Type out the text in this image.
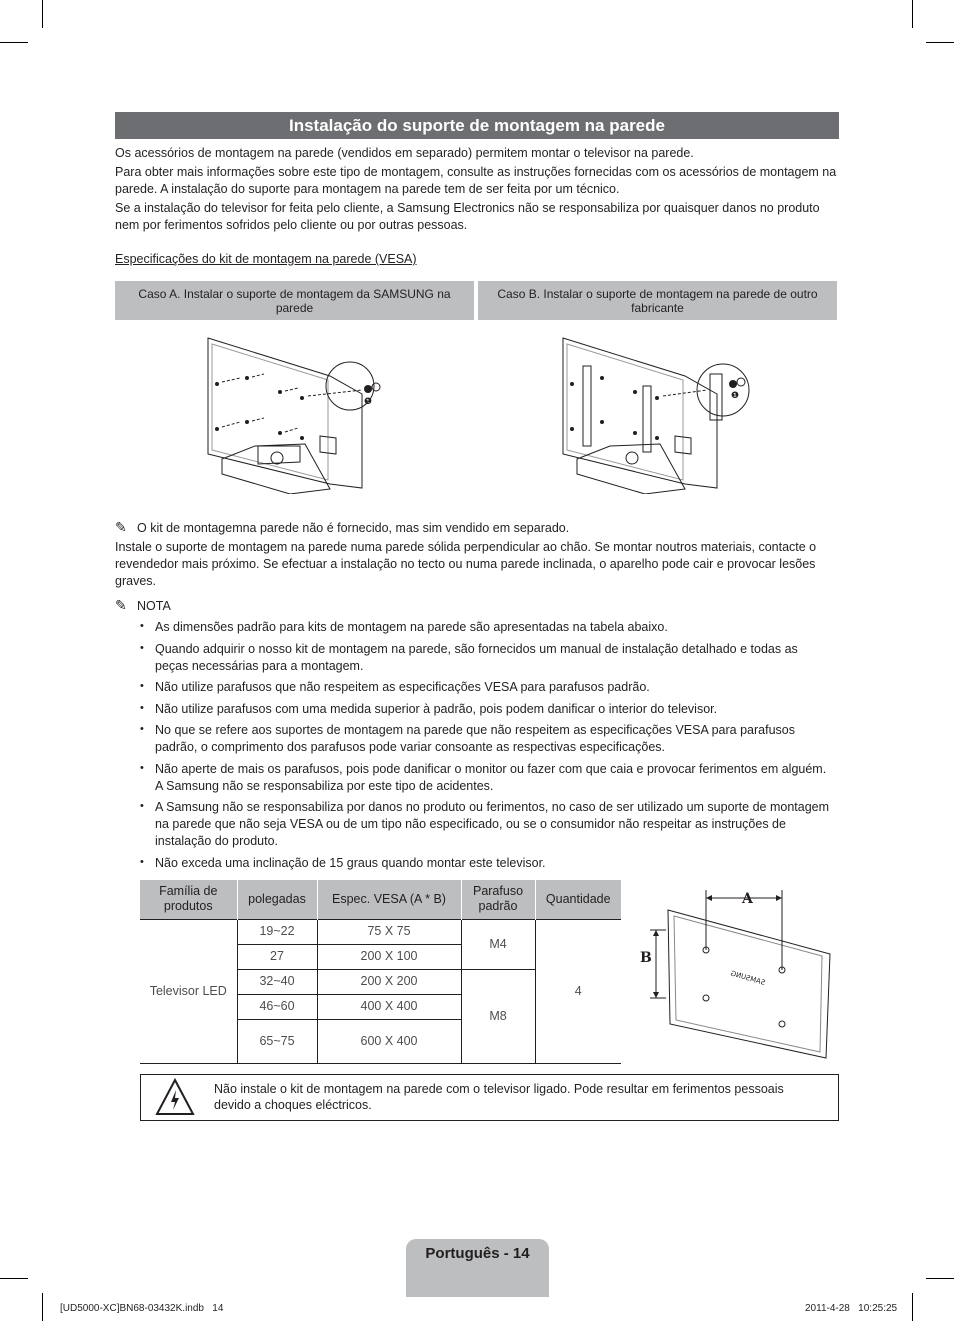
Instalação do suporte de montagem na parede
Os acessórios de montagem na parede (vendidos em separado) permitem montar o televisor na parede.
Para obter mais informações sobre este tipo de montagem, consulte as instruções fornecidas com os acessórios de montagem na parede. A instalação do suporte para montagem na parede tem de ser feita por um técnico.
Se a instalação do televisor for feita pelo cliente, a Samsung Electronics não se responsabiliza por quaisquer danos no produto nem por ferimentos sofridos pelo cliente ou por outras pessoas.
Especificações do kit de montagem na parede (VESA)
Caso A. Instalar o suporte de montagem da SAMSUNG na parede
Caso B. Instalar o suporte de montagem na parede de outro fabricante
❶
❶
✎ O kit de montagemna parede não é fornecido, mas sim vendido em separado.
Instale o suporte de montagem na parede numa parede sólida perpendicular ao chão. Se montar noutros materiais, contacte o revendedor mais próximo. Se efectuar a instalação no tecto ou numa parede inclinada, o aparelho pode cair e provocar lesões graves.
✎ NOTA
• As dimensões padrão para kits de montagem na parede são apresentadas na tabela abaixo.
• Quando adquirir o nosso kit de montagem na parede, são fornecidos um manual de instalação detalhado e todas as peças necessárias para a montagem.
• Não utilize parafusos que não respeitem as especificações VESA para parafusos padrão.
• Não utilize parafusos com uma medida superior à padrão, pois podem danificar o interior do televisor.
• No que se refere aos suportes de montagem na parede que não respeitem as especificações VESA para parafusos padrão, o comprimento dos parafusos pode variar consoante as respectivas especificações.
• Não aperte de mais os parafusos, pois pode danificar o monitor ou fazer com que caia e provocar ferimentos em alguém. A Samsung não se responsabiliza por este tipo de acidentes.
• A Samsung não se responsabiliza por danos no produto ou ferimentos, no caso de ser utilizado um suporte de montagem na parede que não seja VESA ou de um tipo não especificado, ou se o consumidor não respeitar as instruções de instalação do produto.
• Não exceda uma inclinação de 15 graus quando montar este televisor.
Família de produtos	polegadas	Espec. VESA (A * B)	Parafuso padrão	Quantidade
Televisor LED	19~22	75 X 75	M4	4
	27	200 X 100		
	32~40	200 X 200	M8	
	46~60	400 X 400		
	65~75	600 X 400		
A
B
SAMSUNG
Não instale o kit de montagem na parede com o televisor ligado. Pode resultar em ferimentos pessoais devido a choques eléctricos.
Português - 14
[UD5000-XC]BN68-03432K.indb   14	2011-4-28   10:25:25
